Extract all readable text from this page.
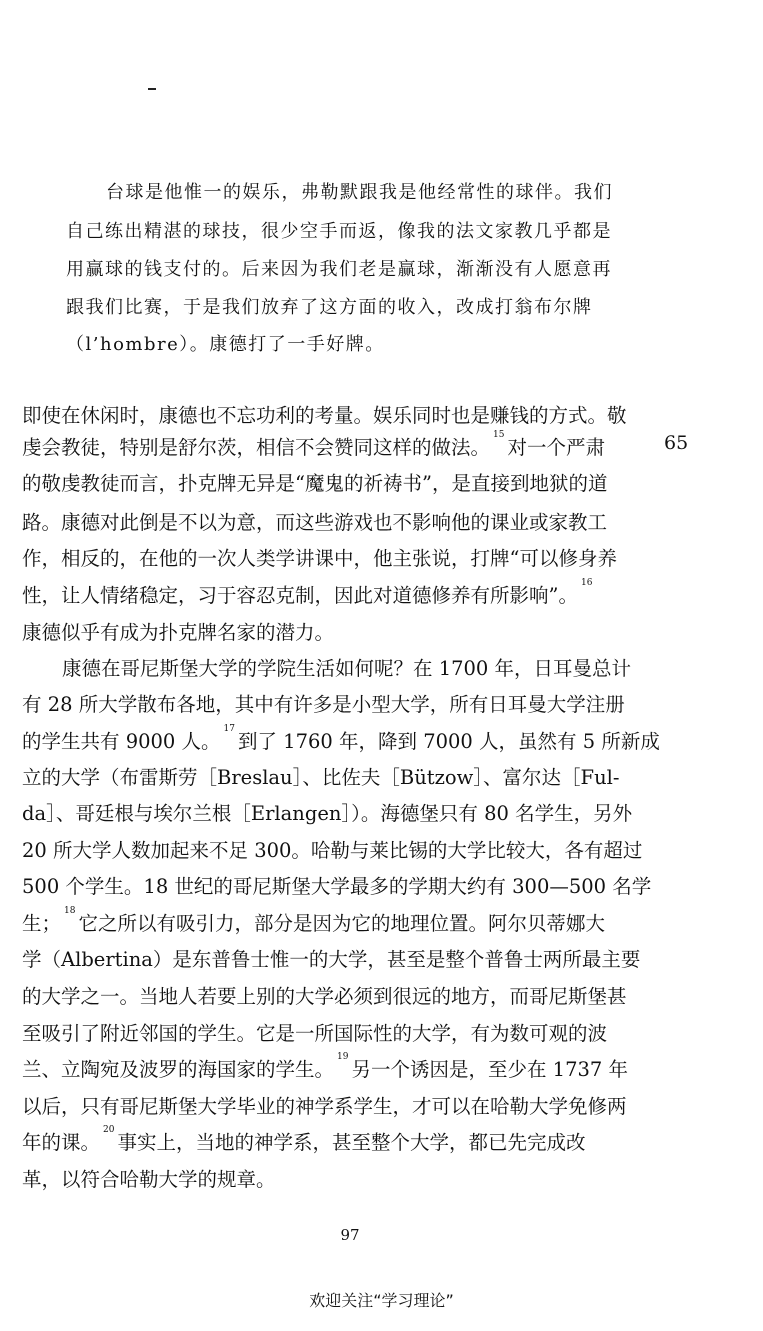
台球是他惟一的娱乐，弗勒默跟我是他经常性的球伴。我们
自己练出精湛的球技，很少空手而返，像我的法文家教几乎都是
用赢球的钱支付的。后来因为我们老是赢球，渐渐没有人愿意再
跟我们比赛，于是我们放弃了这方面的收入，改成打翁布尔牌
（l’hombre）。康德打了一手好牌。
即使在休闲时，康德也不忘功利的考量。娱乐同时也是赚钱的方式。敬
虔会教徒，特别是舒尔茨，相信不会赞同这样的做法。$^{15}$对一个严肃
的敬虔教徒而言，扑克牌无异是“魔鬼的祈祷书”，是直接到地狱的道
路。康德对此倒是不以为意，而这些游戏也不影响他的课业或家教工
作，相反的，在他的一次人类学讲课中，他主张说，打牌“可以修身养
性，让人情绪稳定，习于容忍克制，因此对道德修养有所影响”。$^{16}$
康德似乎有成为扑克牌名家的潜力。
康德在哥尼斯堡大学的学院生活如何呢？在 1700 年，日耳曼总计
有 28 所大学散布各地，其中有许多是小型大学，所有日耳曼大学注册
的学生共有 9000 人。$^{17}$到了 1760 年，降到 7000 人，虽然有 5 所新成
立的大学（布雷斯劳［Breslau］、比佐夫［Bützow］、富尔达［Ful-
da］、哥廷根与埃尔兰根［Erlangen］）。海德堡只有 80 名学生，另外
20 所大学人数加起来不足 300。哈勒与莱比锡的大学比较大，各有超过
500 个学生。18 世纪的哥尼斯堡大学最多的学期大约有 300—500 名学
生；$^{18}$它之所以有吸引力，部分是因为它的地理位置。阿尔贝蒂娜大
学（Albertina）是东普鲁士惟一的大学，甚至是整个普鲁士两所最主要
的大学之一。当地人若要上别的大学必须到很远的地方，而哥尼斯堡甚
至吸引了附近邻国的学生。它是一所国际性的大学，有为数可观的波
兰、立陶宛及波罗的海国家的学生。$^{19}$另一个诱因是，至少在 1737 年
以后，只有哥尼斯堡大学毕业的神学系学生，才可以在哈勒大学免修两
年的课。$^{20}$事实上，当地的神学系，甚至整个大学，都已先完成改
革，以符合哈勒大学的规章。
65
97
欢迎关注“学习理论”
